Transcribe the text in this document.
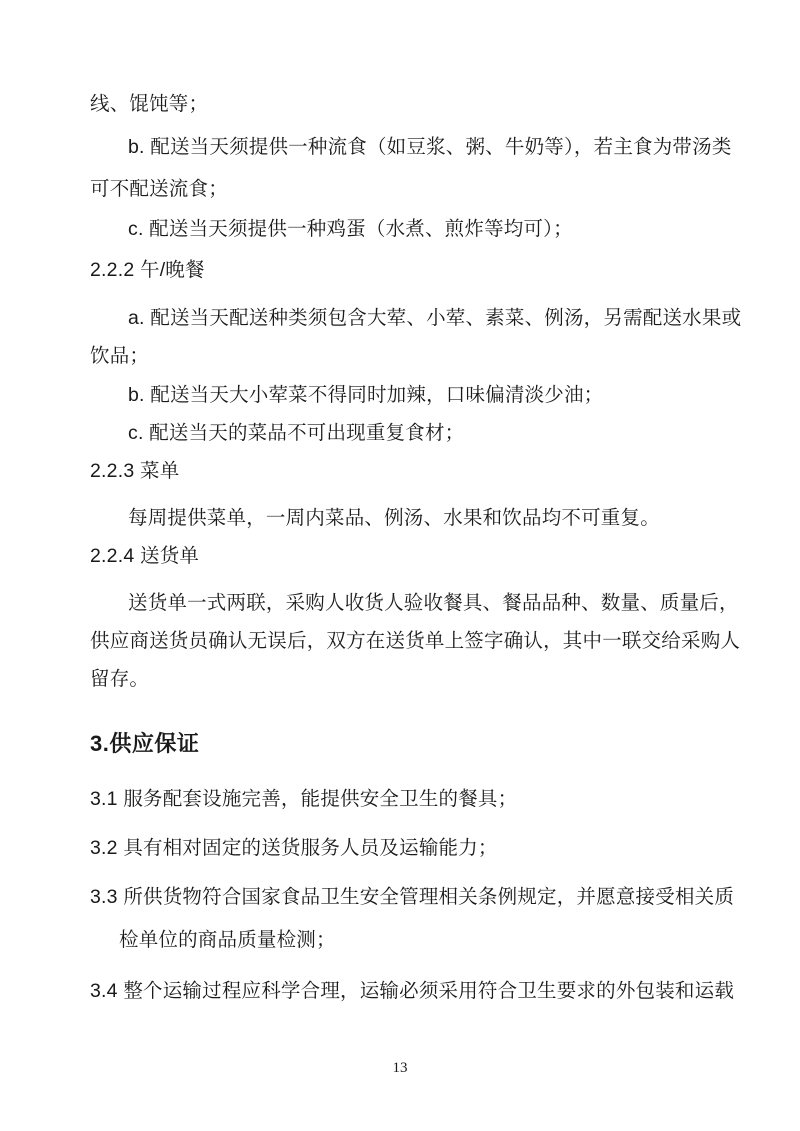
线、馄饨等；
b. 配送当天须提供一种流食（如豆浆、粥、牛奶等），若主食为带汤类
可不配送流食；
c. 配送当天须提供一种鸡蛋（水煮、煎炸等均可）；
2.2.2 午/晚餐
a. 配送当天配送种类须包含大荤、小荤、素菜、例汤，另需配送水果或
饮品；
b. 配送当天大小荤菜不得同时加辣，口味偏清淡少油；
c. 配送当天的菜品不可出现重复食材；
2.2.3 菜单
每周提供菜单，一周内菜品、例汤、水果和饮品均不可重复。
2.2.4 送货单
送货单一式两联，采购人收货人验收餐具、餐品品种、数量、质量后，
供应商送货员确认无误后，双方在送货单上签字确认，其中一联交给采购人
留存。
3.供应保证
3.1 服务配套设施完善，能提供安全卫生的餐具；
3.2 具有相对固定的送货服务人员及运输能力；
3.3 所供货物符合国家食品卫生安全管理相关条例规定，并愿意接受相关质
检单位的商品质量检测；
3.4 整个运输过程应科学合理，运输必须采用符合卫生要求的外包装和运载
13
